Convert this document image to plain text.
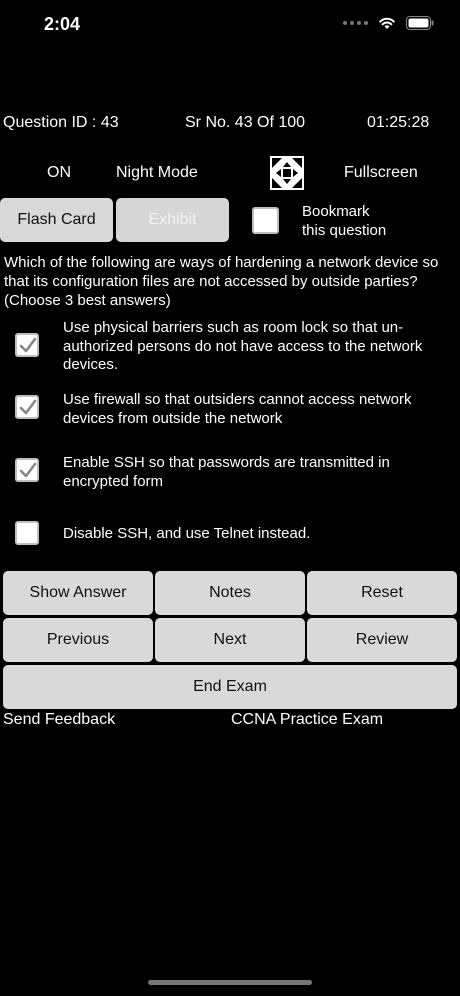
2:04
Question ID : 43	Sr No. 43 Of 100	01:25:28
ON	Night Mode	Fullscreen
Flash Card	Exhibit	Bookmark
this question
Which of the following are ways of hardening a network device so that its configuration files are not accessed by outside parties? (Choose 3 best answers)
Use physical barriers such as room lock so that un-authorized persons do not have access to the network devices.
Use firewall so that outsiders cannot access network devices from outside the network
Enable SSH so that passwords are transmitted in encrypted form
Disable SSH, and use Telnet instead.
Show Answer	Notes	Reset
Previous	Next	Review
End Exam
Send Feedback	CCNA Practice Exam
